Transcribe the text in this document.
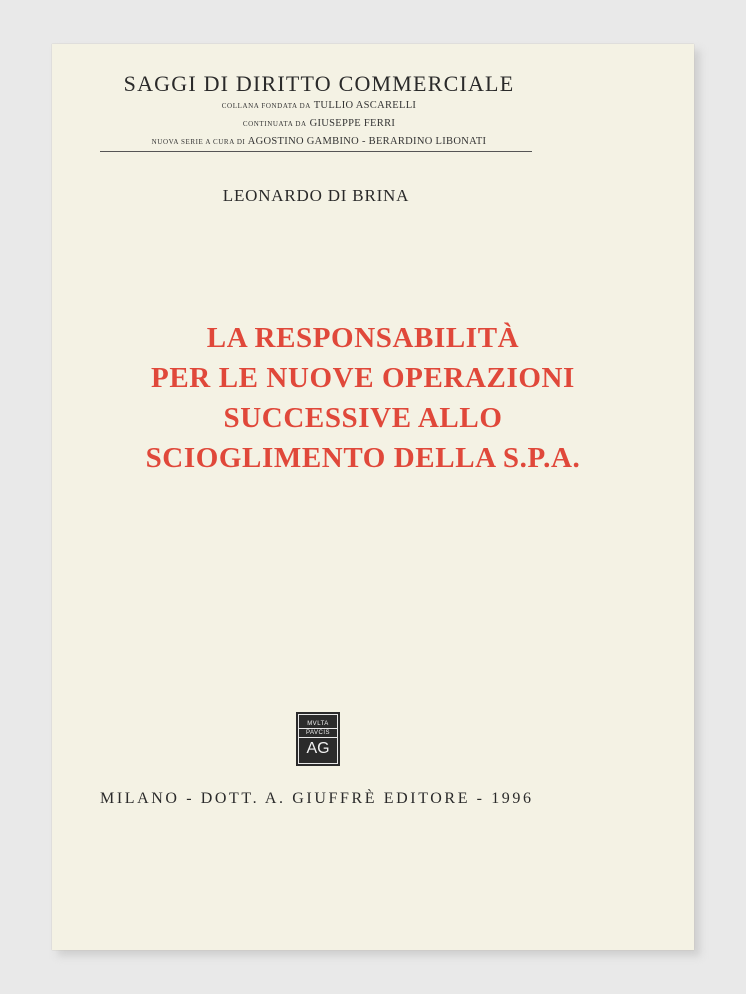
SAGGI DI DIRITTO COMMERCIALE
COLLANA FONDATA DA TULLIO ASCARELLI
CONTINUATA DA GIUSEPPE FERRI
NUOVA SERIE A CURA DI AGOSTINO GAMBINO - BERARDINO LIBONATI
LEONARDO DI BRINA
LA RESPONSABILITÀ
PER LE NUOVE OPERAZIONI
SUCCESSIVE ALLO
SCIOGLIMENTO DELLA S.P.A.
MVLTA
PAVCIS
AG
MILANO - DOTT. A. GIUFFRÈ EDITORE - 1996
